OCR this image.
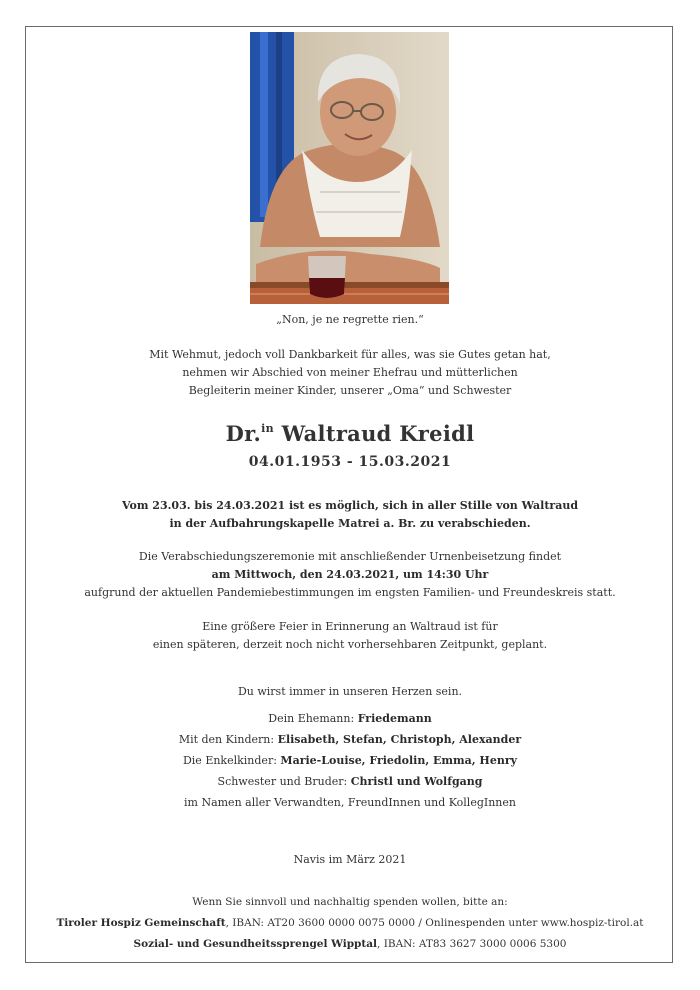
„Non, je ne regrette rien.“
Mit Wehmut, jedoch voll Dankbarkeit für alles, was sie Gutes getan hat,
nehmen wir Abschied von meiner Ehefrau und mütterlichen
Begleiterin meiner Kinder, unserer „Oma“ und Schwester
Dr.$^{in}$ Waltraud Kreidl
04.01.1953 - 15.03.2021
Vom 23.03. bis 24.03.2021 ist es möglich, sich in aller Stille von Waltraud
in der Aufbahrungskapelle Matrei a. Br. zu verabschieden.
Die Verabschiedungszeremonie mit anschließender Urnenbeisetzung findet
am Mittwoch, den 24.03.2021, um 14:30 Uhr
aufgrund der aktuellen Pandemiebestimmungen im engsten Familien- und Freundeskreis statt.
Eine größere Feier in Erinnerung an Waltraud ist für
einen späteren, derzeit noch nicht vorhersehbaren Zeitpunkt, geplant.
Du wirst immer in unseren Herzen sein.
Dein Ehemann: Friedemann
Mit den Kindern: Elisabeth, Stefan, Christoph, Alexander
Die Enkelkinder: Marie-Louise, Friedolin, Emma, Henry
Schwester und Bruder: Christl und Wolfgang
im Namen aller Verwandten, FreundInnen und KollegInnen
Navis im März 2021
Wenn Sie sinnvoll und nachhaltig spenden wollen, bitte an:
Tiroler Hospiz Gemeinschaft, IBAN: AT20 3600 0000 0075 0000 / Onlinespenden unter www.hospiz-tirol.at
Sozial- und Gesundheitssprengel Wipptal, IBAN: AT83 3627 3000 0006 5300
